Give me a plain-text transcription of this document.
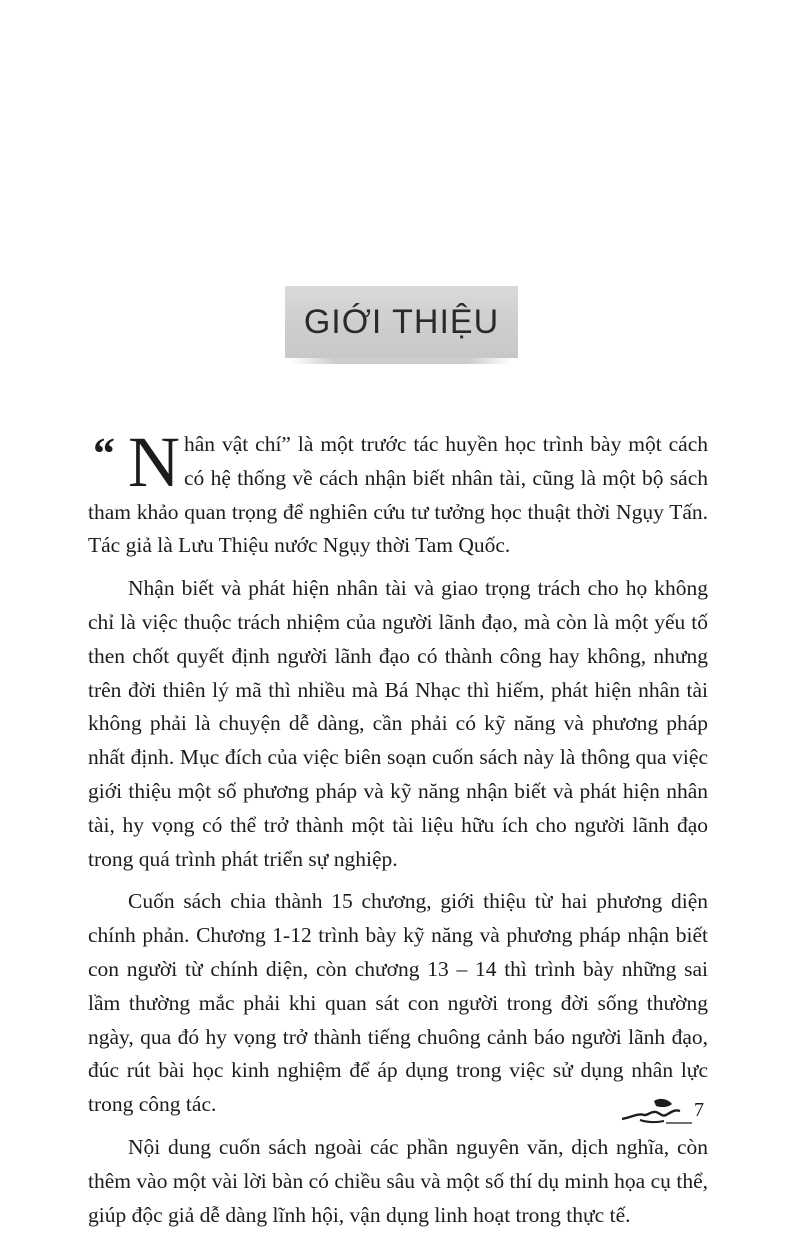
GIỚI THIỆU

“ N hân vật chí” là một trước tác huyền học trình bày một cách có hệ thống về cách nhận biết nhân tài, cũng là một bộ sách tham khảo quan trọng để nghiên cứu tư tưởng học thuật thời Ngụy Tấn. Tác giả là Lưu Thiệu nước Ngụy thời Tam Quốc.

Nhận biết và phát hiện nhân tài và giao trọng trách cho họ không chỉ là việc thuộc trách nhiệm của người lãnh đạo, mà còn là một yếu tố then chốt quyết định người lãnh đạo có thành công hay không, nhưng trên đời thiên lý mã thì nhiều mà Bá Nhạc thì hiếm, phát hiện nhân tài không phải là chuyện dễ dàng, cần phải có kỹ năng và phương pháp nhất định. Mục đích của việc biên soạn cuốn sách này là thông qua việc giới thiệu một số phương pháp và kỹ năng nhận biết và phát hiện nhân tài, hy vọng có thể trở thành một tài liệu hữu ích cho người lãnh đạo trong quá trình phát triển sự nghiệp.

Cuốn sách chia thành 15 chương, giới thiệu từ hai phương diện chính phản. Chương 1-12 trình bày kỹ năng và phương pháp nhận biết con người từ chính diện, còn chương 13 – 14 thì trình bày những sai lầm thường mắc phải khi quan sát con người trong đời sống thường ngày, qua đó hy vọng trở thành tiếng chuông cảnh báo người lãnh đạo, đúc rút bài học kinh nghiệm để áp dụng trong việc sử dụng nhân lực trong công tác.

Nội dung cuốn sách ngoài các phần nguyên văn, dịch nghĩa, còn thêm vào một vài lời bàn có chiều sâu và một số thí dụ minh họa cụ thể, giúp độc giả dễ dàng lĩnh hội, vận dụng linh hoạt trong thực tế.

7
